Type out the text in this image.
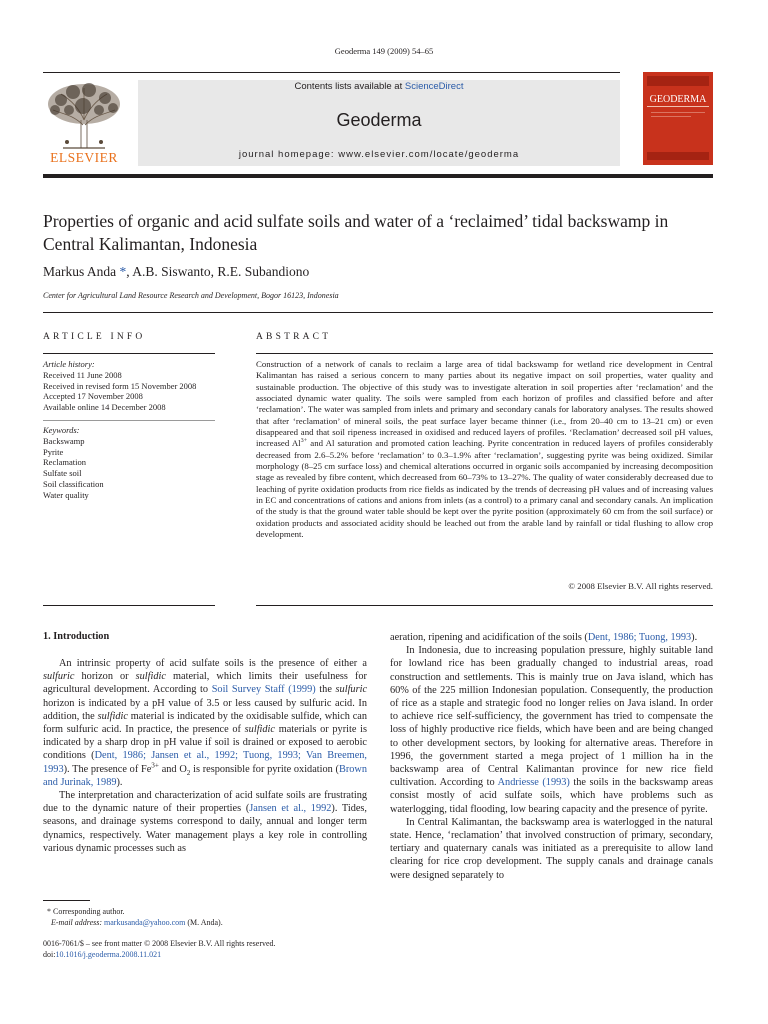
Geoderma 149 (2009) 54–65
ELSEVIER
Contents lists available at ScienceDirect
Geoderma
journal homepage: www.elsevier.com/locate/geoderma
GEODERMA
Properties of organic and acid sulfate soils and water of a ‘reclaimed’ tidal backswamp in Central Kalimantan, Indonesia
Markus Anda *, A.B. Siswanto, R.E. Subandiono
Center for Agricultural Land Resource Research and Development, Bogor 16123, Indonesia
ARTICLE INFO	ABSTRACT
Article history:
Received 11 June 2008
Received in revised form 15 November 2008
Accepted 17 November 2008
Available online 14 December 2008
Keywords:
Backswamp
Pyrite
Reclamation
Sulfate soil
Soil classification
Water quality

Construction of a network of canals to reclaim a large area of tidal backswamp for wetland rice development in Central Kalimantan has raised a serious concern to many parties about its negative impact on soil properties, water quality and sustainable production. The objective of this study was to investigate alteration in soil properties after ‘reclamation’ and the associated dynamic water quality. The soils were sampled from each horizon of profiles and classified before and after ‘reclamation’. The water was sampled from inlets and primary and secondary canals for laboratory analyses. The results showed that after ‘reclamation’ of mineral soils, the peat surface layer became thinner (i.e., from 20–40 cm to 13–21 cm) or even disappeared and that soil ripeness increased in oxidised and reduced layers of profiles. ‘Reclamation’ decreased soil pH values, increased $Al^{3+}$ and Al saturation and promoted cation leaching. Pyrite concentration in reduced layers of profiles considerably decreased from 2.6–5.2% before ‘reclamation’ to 0.3–1.9% after ‘reclamation’, suggesting pyrite was being oxidized. Similar morphology (8–25 cm surface loss) and chemical alterations occurred in organic soils accompanied by increasing decomposition stage as revealed by fibre content, which decreased from 60–73% to 13–27%. The quality of water considerably decreased due to leaching of pyrite oxidation products from rice fields as indicated by the trends of decreasing pH values and of increasing values in EC and concentrations of cations and anions from inlets (as a control) to a primary canal and secondary canals. An implication of the study is that the ground water table should be kept over the pyrite position (approximately 60 cm from the soil surface) or oxidation products and associated acidity should be leached out from the arable land by rainfall or tidal flushing to allow crop development.

© 2008 Elsevier B.V. All rights reserved.
1. Introduction

An intrinsic property of acid sulfate soils is the presence of either a sulfuric horizon or sulfidic material, which limits their usefulness for agricultural development. According to Soil Survey Staff (1999) the sulfuric horizon is indicated by a pH value of 3.5 or less caused by sulfuric acid. In addition, the sulfidic material is indicated by the oxidisable sulfide, which can form sulfuric acid. In practice, the presence of sulfidic materials or pyrite is indicated by a sharp drop in pH value if soil is drained or exposed to aerobic conditions (Dent, 1986; Jansen et al., 1992; Tuong, 1993; Van Breemen, 1993). The presence of $Fe^{3+}$ and $O_2$ is responsible for pyrite oxidation (Brown and Jurinak, 1989).

The interpretation and characterization of acid sulfate soils are frustrating due to the dynamic nature of their properties (Jansen et al., 1992). Tides, seasons, and drainage systems correspond to daily, annual and longer term dynamics, respectively. Water management plays a key role in controlling various dynamic processes such as

aeration, ripening and acidification of the soils (Dent, 1986; Tuong, 1993).

In Indonesia, due to increasing population pressure, highly suitable land for lowland rice has been gradually changed to industrial areas, road construction and settlements. This is mainly true on Java island, which has 60% of the 225 million Indonesian population. Consequently, the production of rice as a staple and strategic food no longer relies on Java island. In order to achieve rice self-sufficiency, the government has tried to compensate the loss of highly productive rice fields, which have been and are being changed to other development sectors, by looking for alternative areas. Therefore in 1996, the government started a mega project of 1 million ha in the backswamp area of Central Kalimantan province for new rice field cultivation. According to Andriesse (1993) the soils in the backswamp areas consist mostly of acid sulfate soils, which have problems such as waterlogging, tidal flooding, low bearing capacity and the presence of pyrite.

In Central Kalimantan, the backswamp area is waterlogged in the natural state. Hence, ‘reclamation’ that involved construction of primary, secondary, tertiary and quaternary canals was initiated as a prerequisite to allow land clearing for rice crop development. The supply canals and drainage canals were designed separately to

* Corresponding author.
E-mail address: markusanda@yahoo.com (M. Anda).
0016-7061/$ – see front matter © 2008 Elsevier B.V. All rights reserved.
doi:10.1016/j.geoderma.2008.11.021
